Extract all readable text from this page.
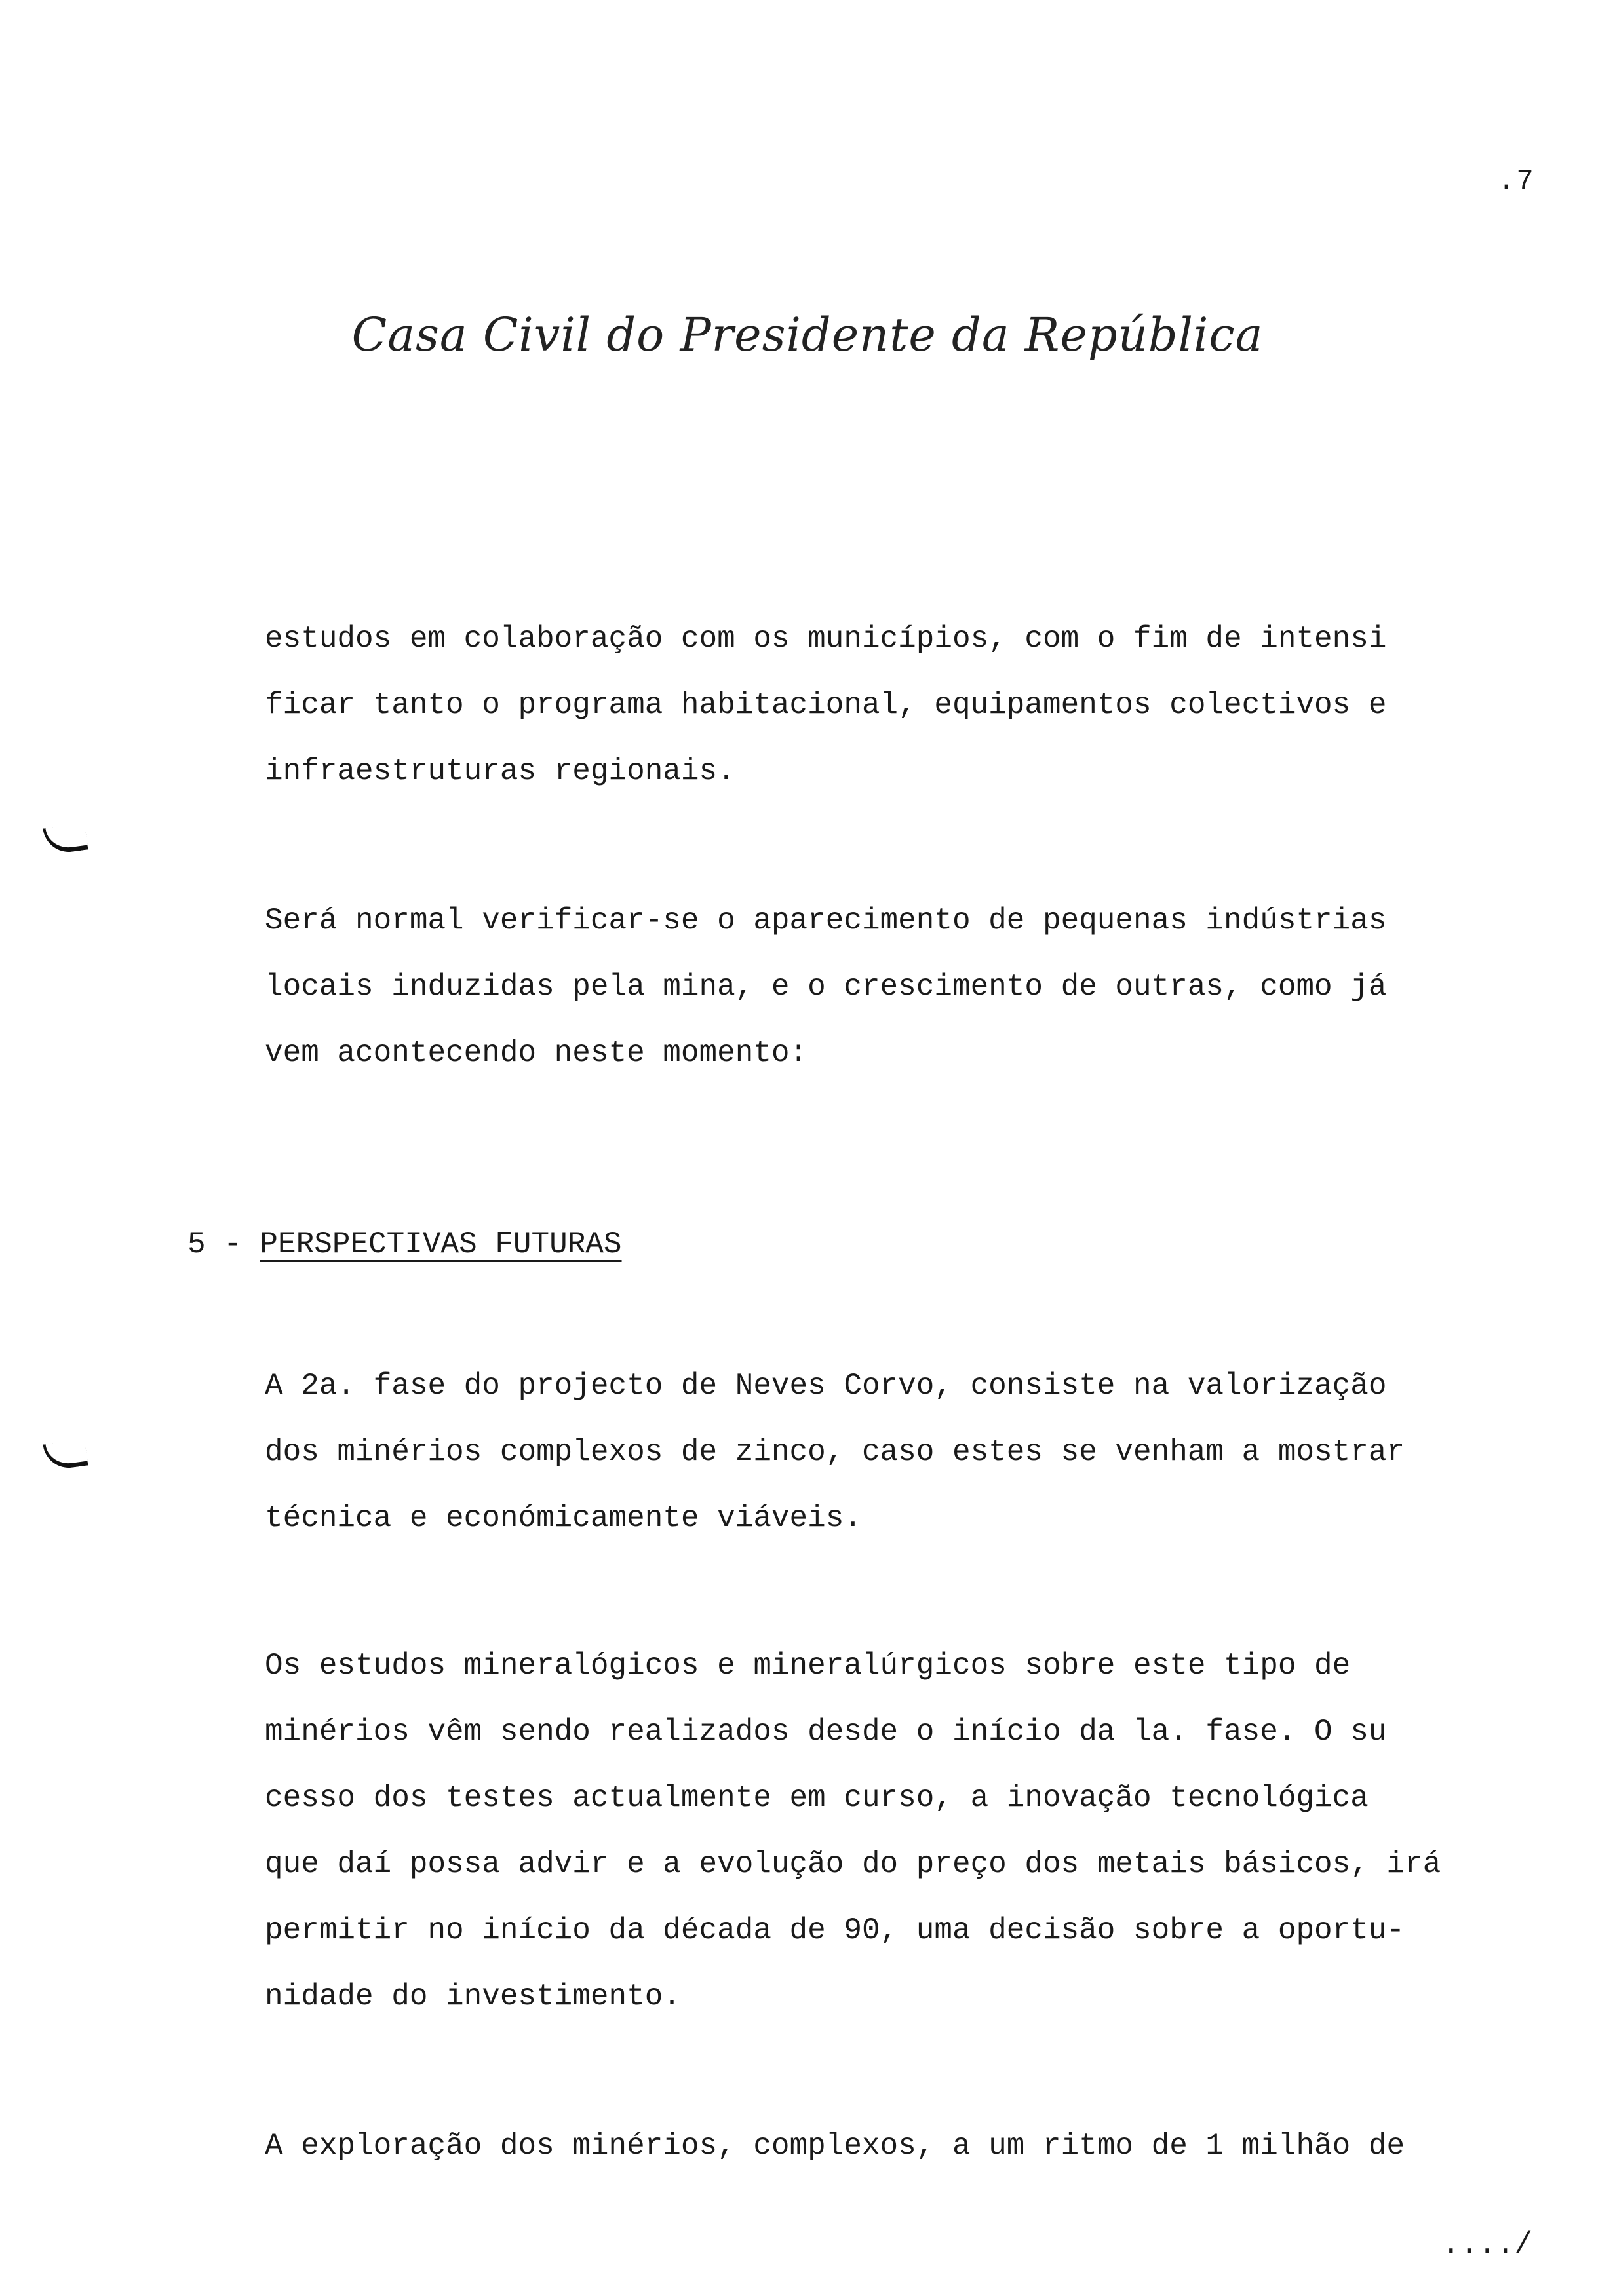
.7
Casa Civil do Presidente da República
estudos em colaboração com os municípios, com o fim de intensi
ficar tanto o programa habitacional, equipamentos colectivos e
infraestruturas regionais.
Será normal verificar-se o aparecimento de pequenas indústrias
locais induzidas pela mina, e o crescimento de outras, como já
vem acontecendo neste momento:
5 - PERSPECTIVAS FUTURAS
A 2a. fase do projecto de Neves Corvo, consiste na valorização
dos minérios complexos de zinco, caso estes se venham a mostrar
técnica e económicamente viáveis.
Os estudos mineralógicos e mineralúrgicos sobre este tipo de
minérios vêm sendo realizados desde o início da la. fase. O su
cesso dos testes actualmente em curso, a inovação tecnológica
que daí possa advir e a evolução do preço dos metais básicos, irá
permitir no início da década de 90, uma decisão sobre a oportu-
nidade do investimento.
A exploração dos minérios, complexos, a um ritmo de 1 milhão de
..../
